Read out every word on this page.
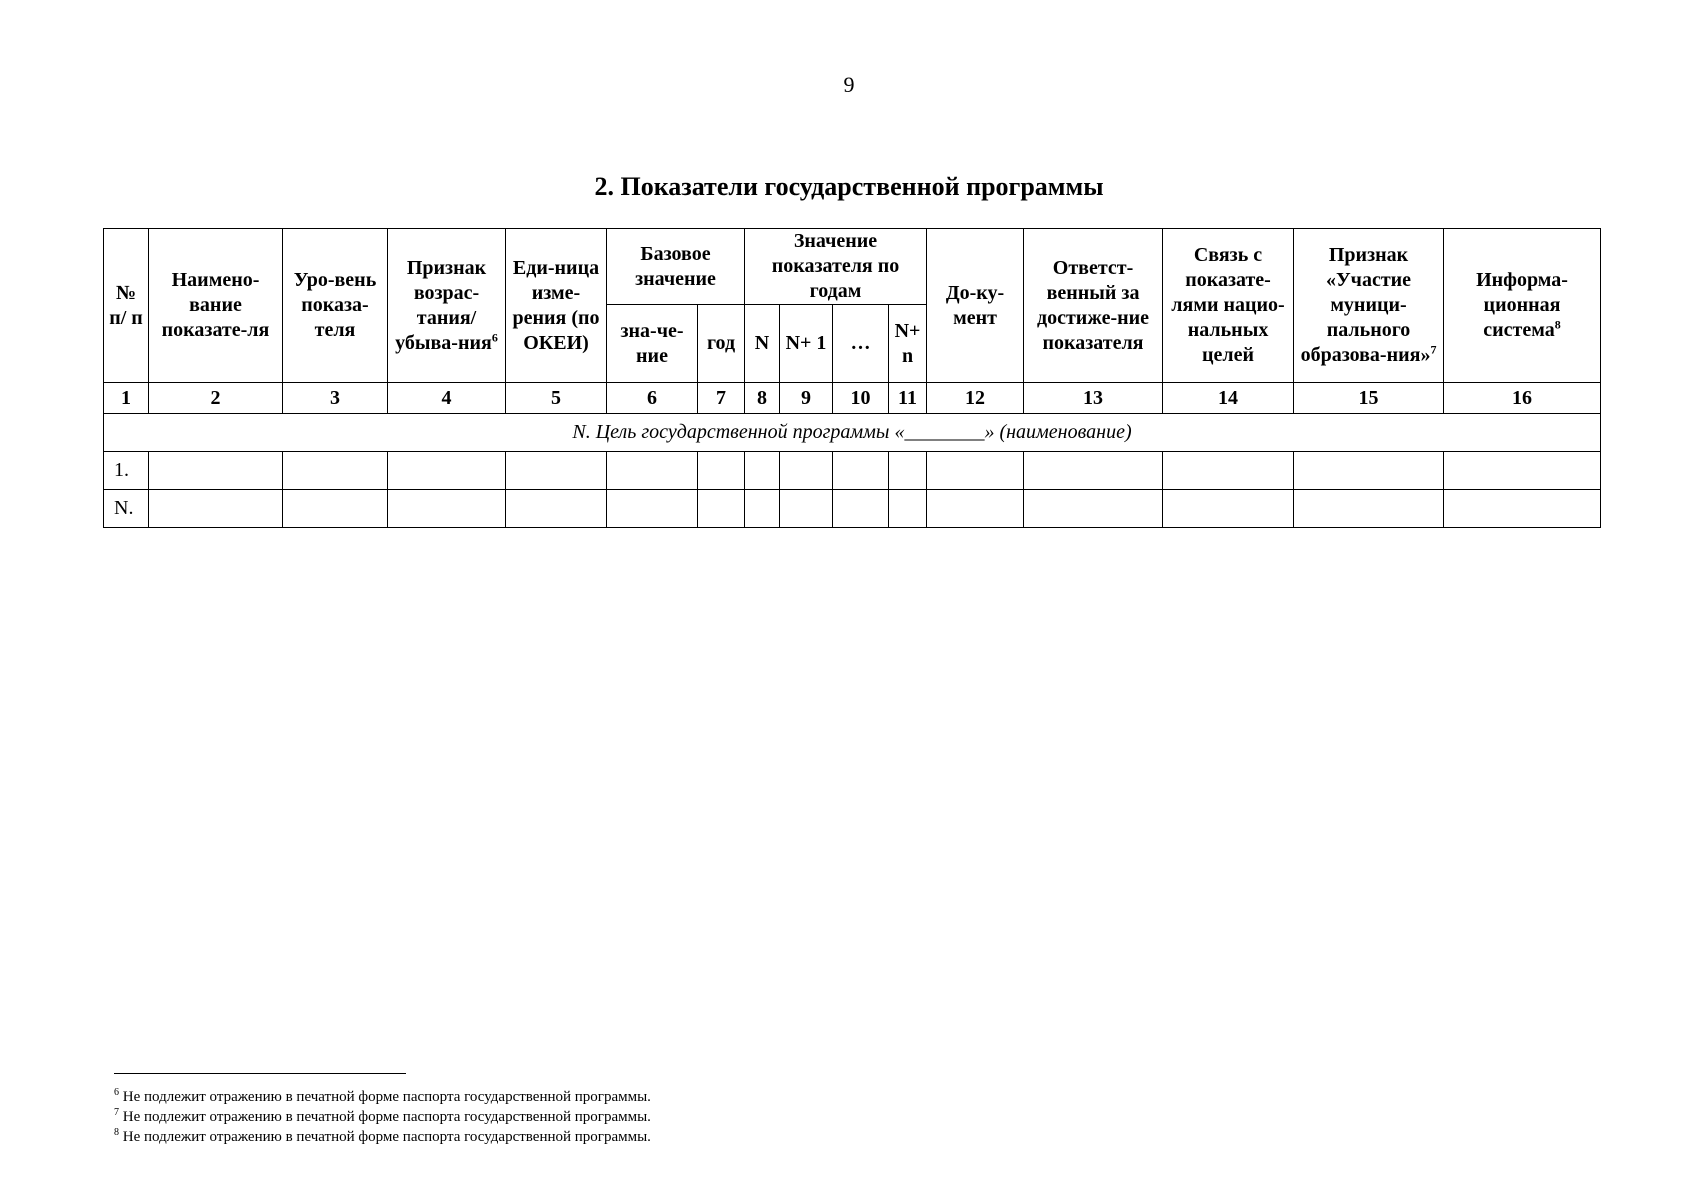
9
2. Показатели государственной программы
№ п/ п	Наимено-вание показате-ля	Уро-вень показа-теля	Признак возрас-тания/ убыва-ния$^6$	Еди-ница изме-рения (по ОКЕИ)	Базовое значение		Значение показателя по годам				До-ку-мент	Ответст-венный за достиже-ние показателя	Связь с показате-лями нацио-нальных целей	Признак «Участие муници-пального образова-ния»$^7$	Информа-ционная система$^8$
					зна-че-ние	год	N	N+ 1	…	N+ n					
1	2	3	4	5	6	7	8	9	10	11	12	13	14	15	16
N. Цель государственной программы «________» (наименование)															
1.															
N.															
$^6$ Не подлежит отражению в печатной форме паспорта государственной программы.
$^7$ Не подлежит отражению в печатной форме паспорта государственной программы.
$^8$ Не подлежит отражению в печатной форме паспорта государственной программы.
